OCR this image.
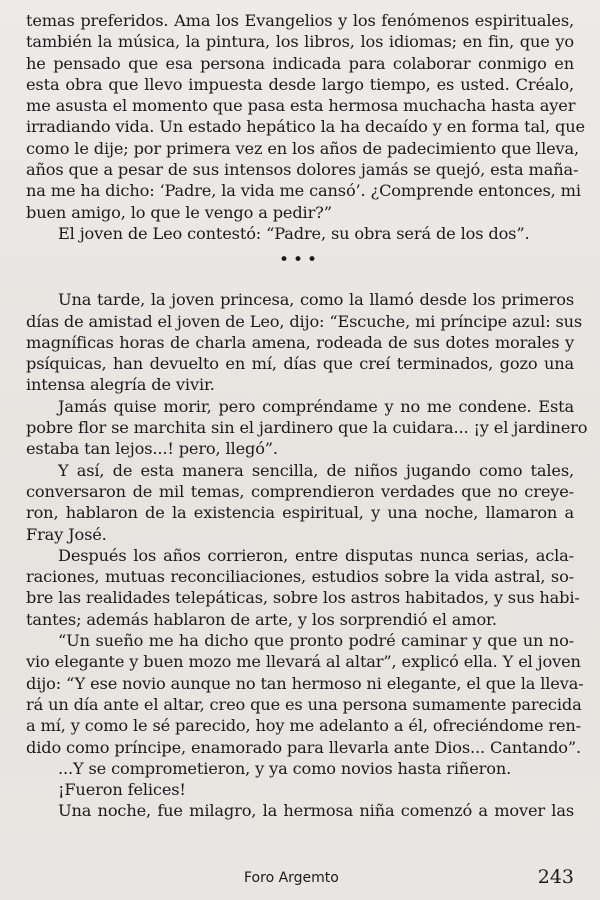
temas preferidos. Ama los Evangelios y los fenómenos espirituales,
también la música, la pintura, los libros, los idiomas; en fin, que yo
he pensado que esa persona indicada para colaborar conmigo en
esta obra que llevo impuesta desde largo tiempo, es usted. Créalo,
me asusta el momento que pasa esta hermosa muchacha hasta ayer
irradiando vida. Un estado hepático la ha decaído y en forma tal, que
como le dije; por primera vez en los años de padecimiento que lleva,
años que a pesar de sus intensos dolores jamás se quejó, esta maña-
na me ha dicho: ‘Padre, la vida me cansó’. ¿Comprende entonces, mi
buen amigo, lo que le vengo a pedir?”
El joven de Leo contestó: “Padre, su obra será de los dos”.
•••
Una tarde, la joven princesa, como la llamó desde los primeros
días de amistad el joven de Leo, dijo: “Escuche, mi príncipe azul: sus
magníficas horas de charla amena, rodeada de sus dotes morales y
psíquicas, han devuelto en mí, días que creí terminados, gozo una
intensa alegría de vivir.
Jamás quise morir, pero compréndame y no me condene. Esta
pobre flor se marchita sin el jardinero que la cuidara... ¡y el jardinero
estaba tan lejos...! pero, llegó”.
Y así, de esta manera sencilla, de niños jugando como tales,
conversaron de mil temas, comprendieron verdades que no creye-
ron, hablaron de la existencia espiritual, y una noche, llamaron a
Fray José.
Después los años corrieron, entre disputas nunca serias, acla-
raciones, mutuas reconciliaciones, estudios sobre la vida astral, so-
bre las realidades telepáticas, sobre los astros habitados, y sus habi-
tantes; además hablaron de arte, y los sorprendió el amor.
“Un sueño me ha dicho que pronto podré caminar y que un no-
vio elegante y buen mozo me llevará al altar”, explicó ella. Y el joven
dijo: “Y ese novio aunque no tan hermoso ni elegante, el que la lleva-
rá un día ante el altar, creo que es una persona sumamente parecida
a mí, y como le sé parecido, hoy me adelanto a él, ofreciéndome ren-
dido como príncipe, enamorado para llevarla ante Dios... Cantando”.
...Y se comprometieron, y ya como novios hasta riñeron.
¡Fueron felices!
Una noche, fue milagro, la hermosa niña comenzó a mover las
Foro Argemto	243
